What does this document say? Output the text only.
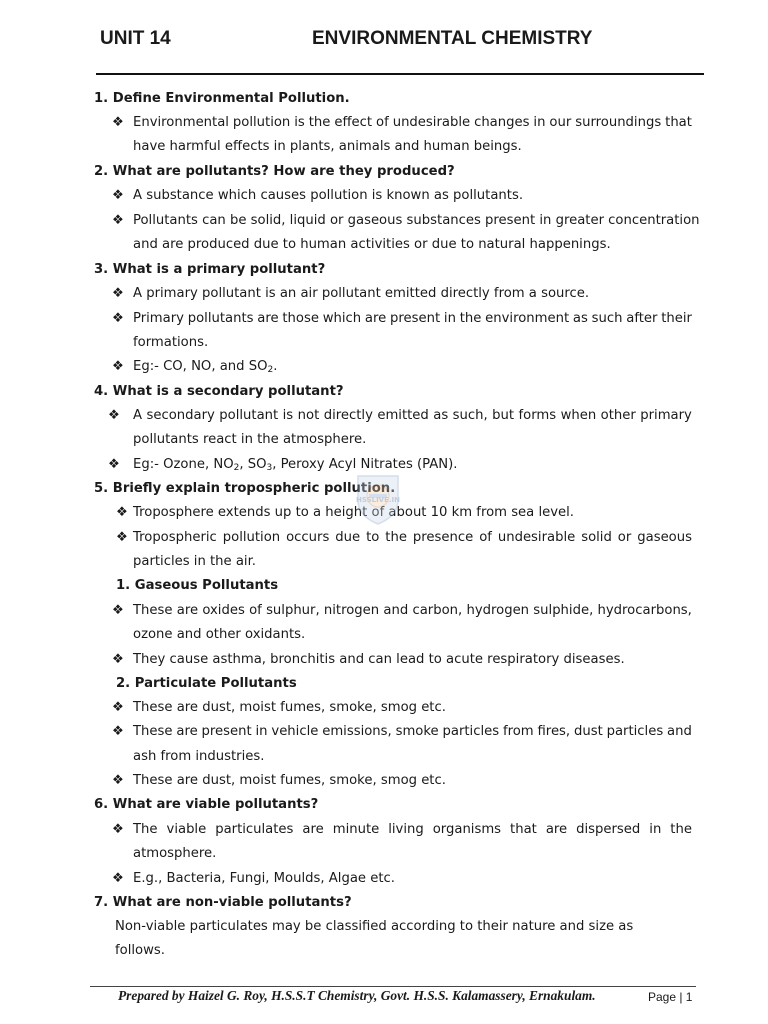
UNIT 14	ENVIRONMENTAL CHEMISTRY
1. Define Environmental Pollution.
❖ Environmental pollution is the effect of undesirable changes in our surroundings that
have harmful effects in plants, animals and human beings.
2. What are pollutants? How are they produced?
❖ A substance which causes pollution is known as pollutants.
❖ Pollutants can be solid, liquid or gaseous substances present in greater concentration
and are produced due to human activities or due to natural happenings.
3. What is a primary pollutant?
❖ A primary pollutant is an air pollutant emitted directly from a source.
❖ Primary pollutants are those which are present in the environment as such after their
formations.
❖ Eg:- CO, NO, and $SO_2$.
4. What is a secondary pollutant?
❖ A secondary pollutant is not directly emitted as such, but forms when other primary
pollutants react in the atmosphere.
❖ Eg:- Ozone, $NO_2$, $SO_3$, Peroxy Acyl Nitrates (PAN).
5. Briefly explain tropospheric pollution.
❖ Troposphere extends up to a height of about 10 km from sea level.
❖ Tropospheric pollution occurs due to the presence of undesirable solid or gaseous
particles in the air.
1. Gaseous Pollutants
❖ These are oxides of sulphur, nitrogen and carbon, hydrogen sulphide, hydrocarbons,
ozone and other oxidants.
❖ They cause asthma, bronchitis and can lead to acute respiratory diseases.
2. Particulate Pollutants
❖ These are dust, moist fumes, smoke, smog etc.
❖ These are present in vehicle emissions, smoke particles from fires, dust particles and
ash from industries.
❖ These are dust, moist fumes, smoke, smog etc.
6. What are viable pollutants?
❖ The viable particulates are minute living organisms that are dispersed in the
atmosphere.
❖ E.g., Bacteria, Fungi, Moulds, Algae etc.
7. What are non-viable pollutants?
Non-viable particulates may be classified according to their nature and size as
follows.
HSSLIVE.IN
Prepared by Haizel G. Roy, H.S.S.T Chemistry, Govt. H.S.S. Kalamassery, Ernakulam.	Page | 1
